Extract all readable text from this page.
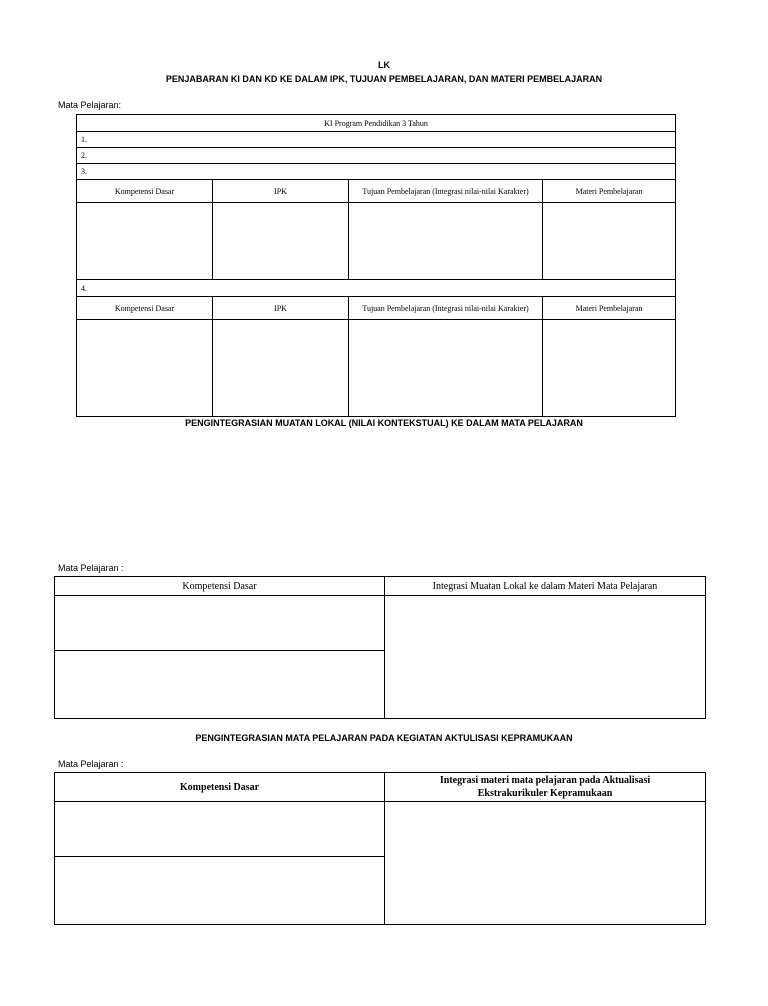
LK
PENJABARAN KI DAN KD KE DALAM IPK, TUJUAN PEMBELAJARAN, DAN MATERI PEMBELAJARAN
Mata Pelajaran:
KI Program Pendidikan 3 Tahun			
1.			
2.			
3.			
Kompetensi Dasar	IPK	Tujuan Pembelajaran (Integrasi nilai-nilai Karakter)	Materi Pembelajaran

4.			
Kompetensi Dasar	IPK	Tujuan Pembelajaran (Integrasi nilai-nilai Karakter)	Materi Pembelajaran

PENGINTEGRASIAN MUATAN LOKAL (NILAI KONTEKSTUAL) KE DALAM MATA PELAJARAN
Mata Pelajaran :
Kompetensi Dasar	Integrasi Muatan Lokal ke dalam Materi Mata Pelajaran

PENGINTEGRASIAN MATA PELAJARAN PADA KEGIATAN AKTULISASI KEPRAMUKAAN
Mata Pelajaran :
Kompetensi Dasar	Integrasi materi mata pelajaran pada Aktualisasi Ekstrakurikuler Kepramukaan
